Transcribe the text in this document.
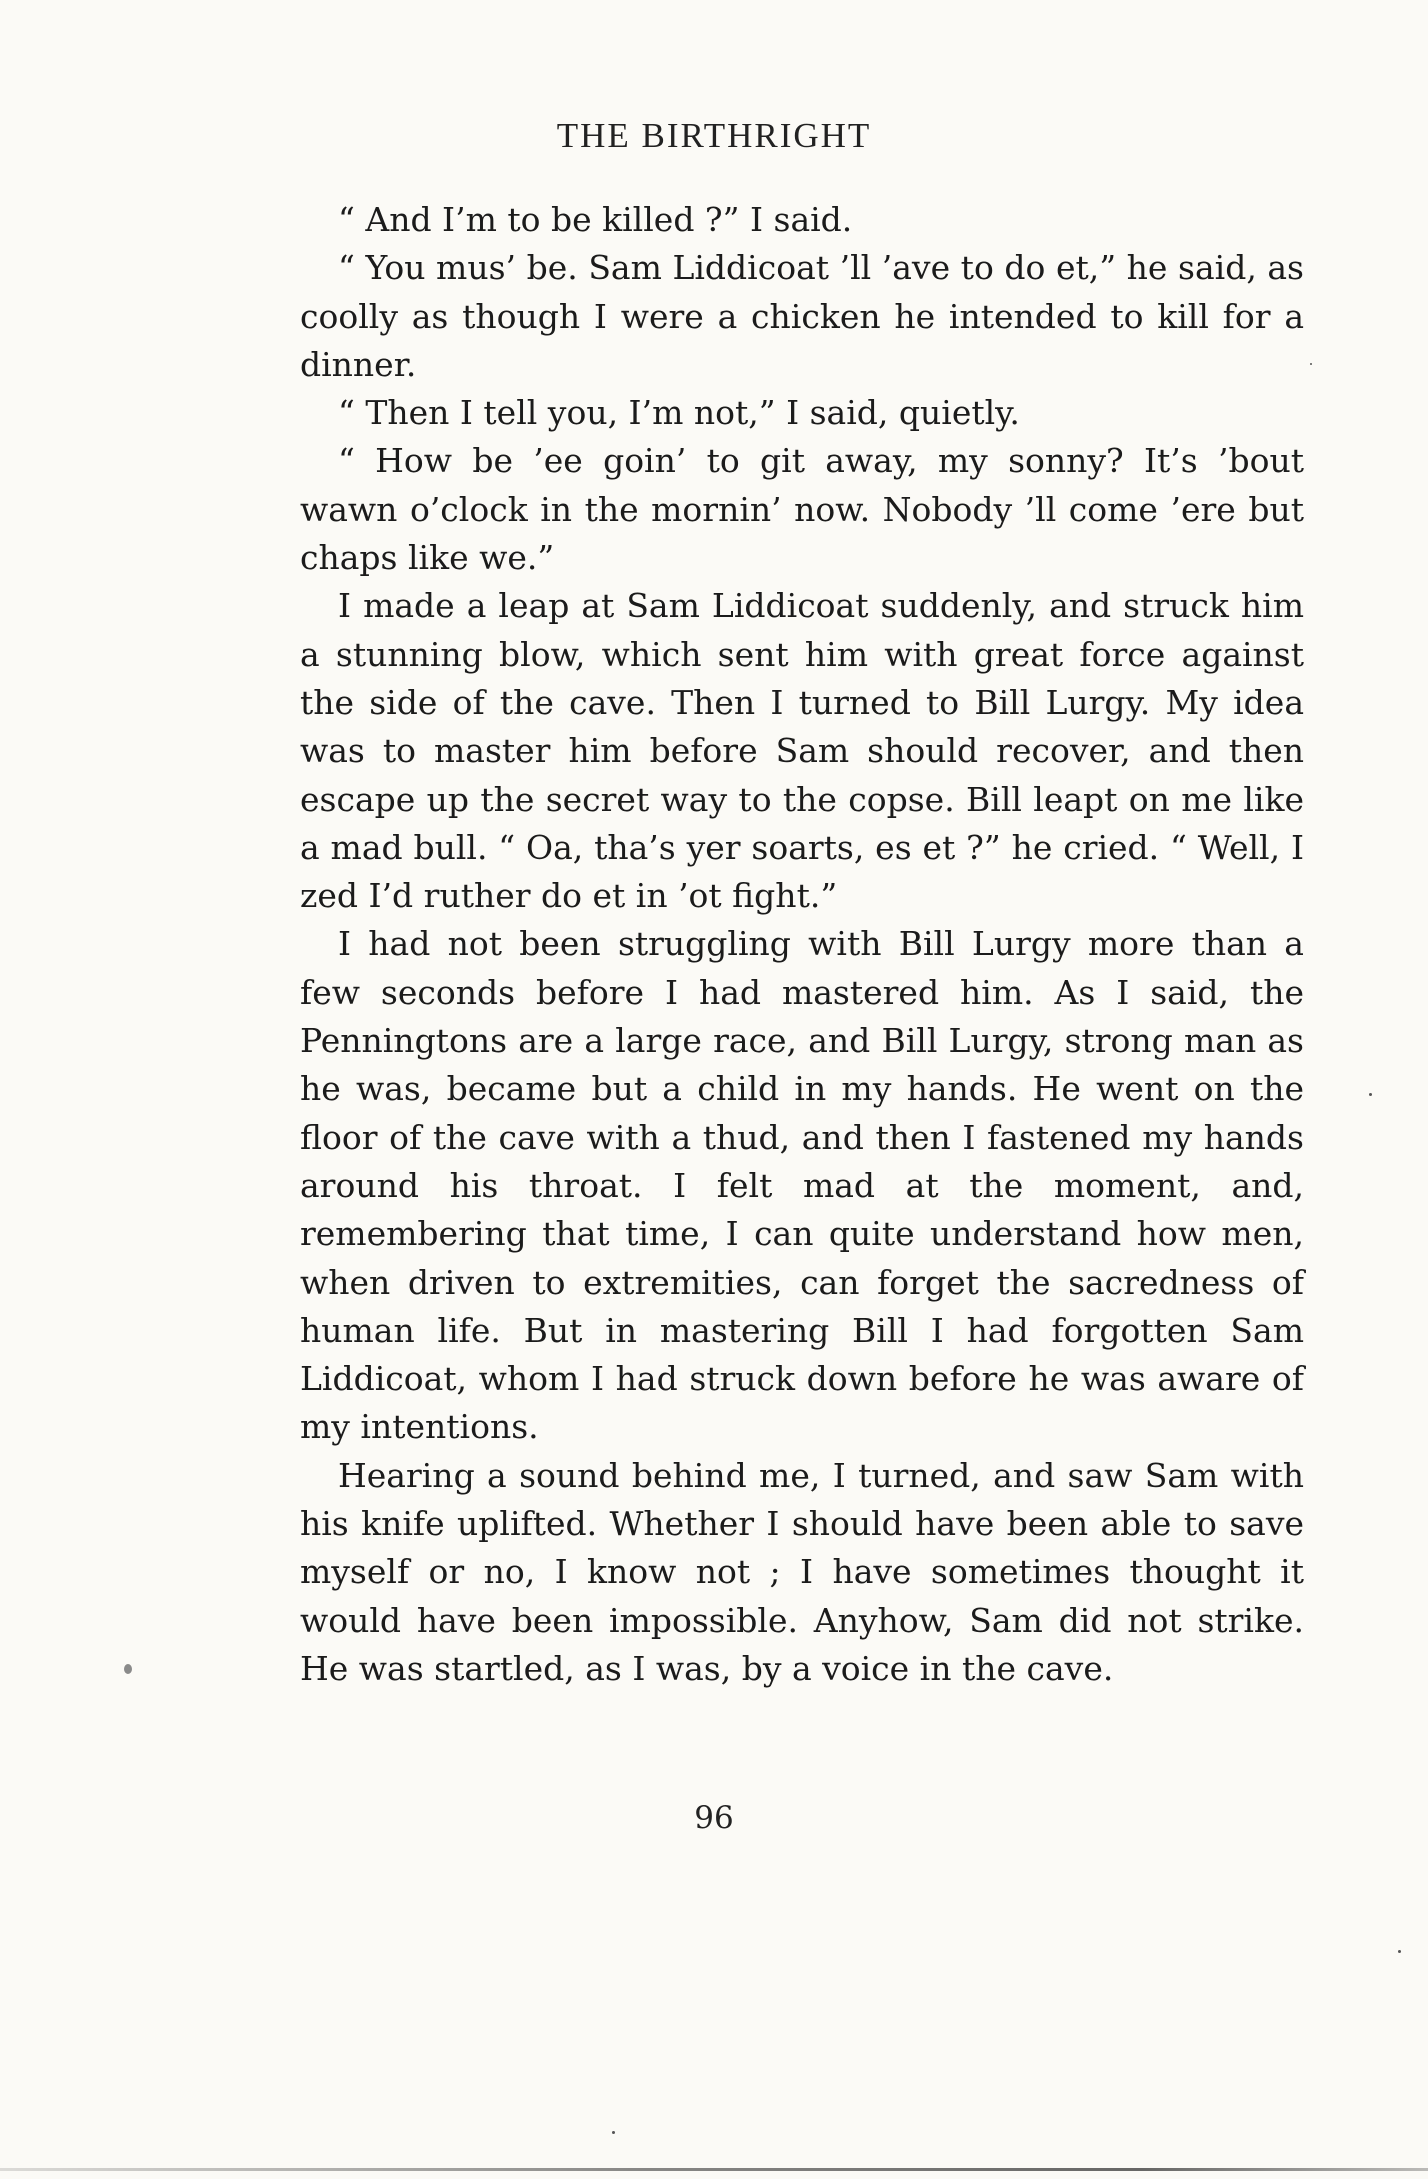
THE BIRTHRIGHT

“ And I’m to be killed ?” I said.

“ You mus’ be. Sam Liddicoat ’ll ’ave to do et,” he said, as coolly as though I were a chicken he intended to kill for a dinner.

“ Then I tell you, I’m not,” I said, quietly.

“ How be ’ee goin’ to git away, my sonny? It’s ’bout wawn o’clock in the mornin’ now. Nobody ’ll come ’ere but chaps like we.”

I made a leap at Sam Liddicoat suddenly, and struck him a stunning blow, which sent him with great force against the side of the cave. Then I turned to Bill Lurgy. My idea was to master him before Sam should recover, and then escape up the secret way to the copse. Bill leapt on me like a mad bull. “ Oa, tha’s yer soarts, es et ?” he cried. “ Well, I zed I’d ruther do et in ’ot fight.”

I had not been struggling with Bill Lurgy more than a few seconds before I had mastered him. As I said, the Penningtons are a large race, and Bill Lurgy, strong man as he was, became but a child in my hands. He went on the floor of the cave with a thud, and then I fastened my hands around his throat. I felt mad at the moment, and, remembering that time, I can quite understand how men, when driven to extremities, can forget the sacredness of human life. But in mastering Bill I had forgotten Sam Liddicoat, whom I had struck down before he was aware of my intentions.

Hearing a sound behind me, I turned, and saw Sam with his knife uplifted. Whether I should have been able to save myself or no, I know not ; I have sometimes thought it would have been impossible. Anyhow, Sam did not strike. He was startled, as I was, by a voice in the cave.

96
